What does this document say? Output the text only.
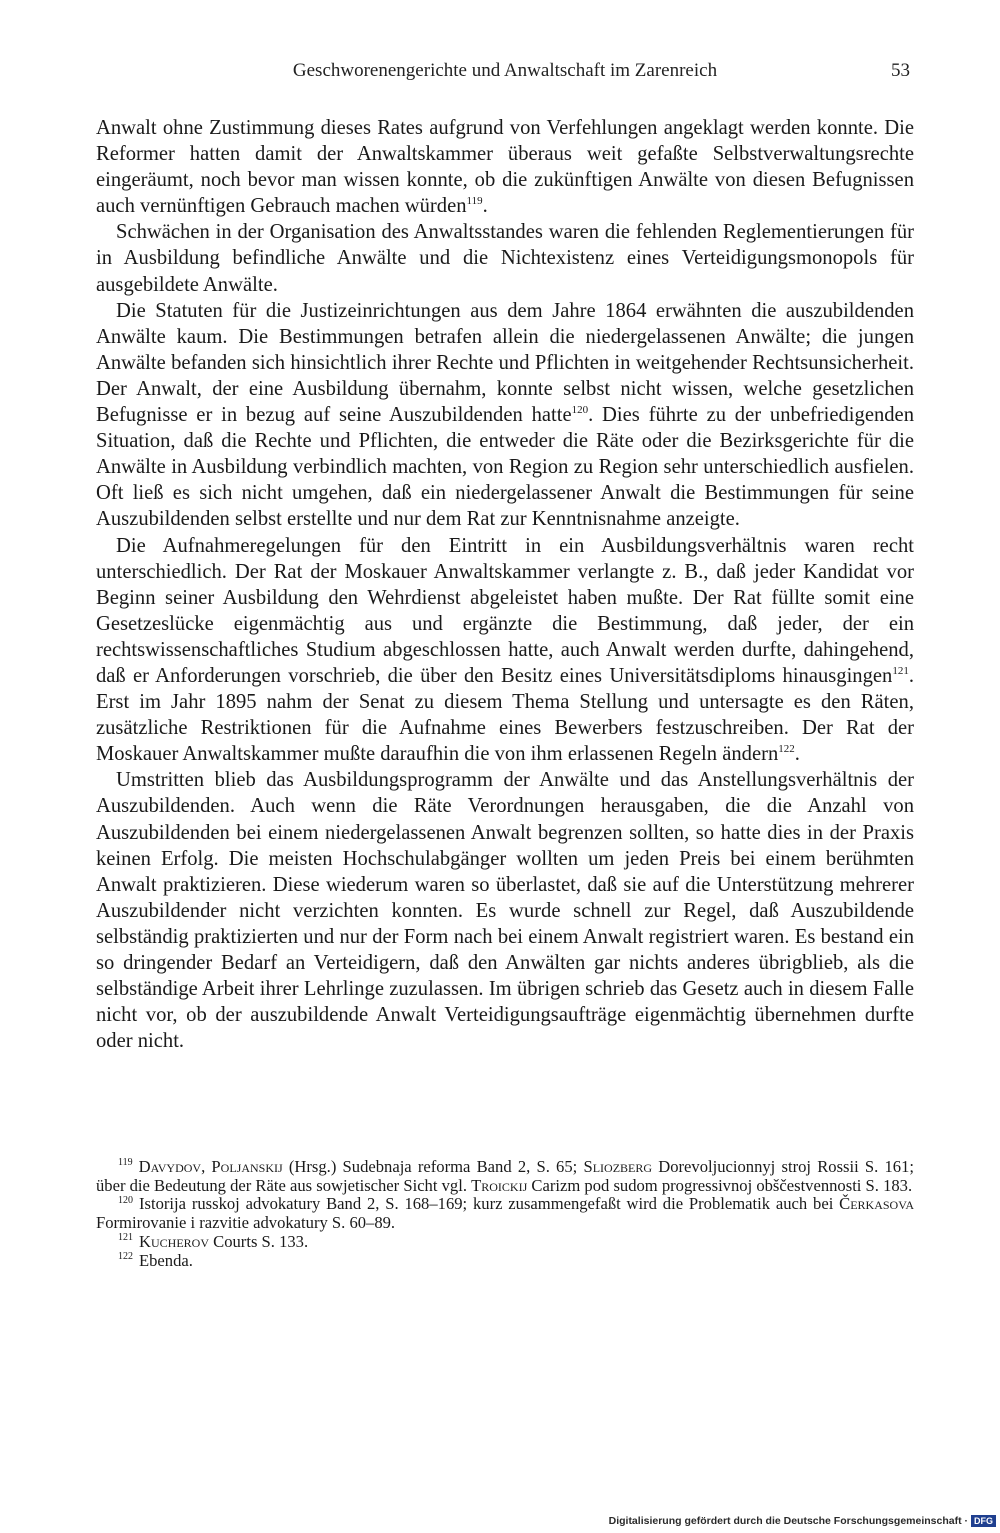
Geschworenengerichte und Anwaltschaft im Zarenreich	53

Anwalt ohne Zustimmung dieses Rates aufgrund von Verfehlungen angeklagt werden konnte. Die Reformer hatten damit der Anwaltskammer überaus weit gefaßte Selbstverwaltungsrechte eingeräumt, noch bevor man wissen konnte, ob die zukünftigen Anwälte von diesen Befugnissen auch vernünftigen Gebrauch machen würden$^{119}$.

Schwächen in der Organisation des Anwaltsstandes waren die fehlenden Reglementierungen für in Ausbildung befindliche Anwälte und die Nichtexistenz eines Verteidigungsmonopols für ausgebildete Anwälte.

Die Statuten für die Justizeinrichtungen aus dem Jahre 1864 erwähnten die auszubildenden Anwälte kaum. Die Bestimmungen betrafen allein die niedergelassenen Anwälte; die jungen Anwälte befanden sich hinsichtlich ihrer Rechte und Pflichten in weitgehender Rechtsunsicherheit. Der Anwalt, der eine Ausbildung übernahm, konnte selbst nicht wissen, welche gesetzlichen Befugnisse er in bezug auf seine Auszubildenden hatte$^{120}$. Dies führte zu der unbefriedigenden Situation, daß die Rechte und Pflichten, die entweder die Räte oder die Bezirksgerichte für die Anwälte in Ausbildung verbindlich machten, von Region zu Region sehr unterschiedlich ausfielen. Oft ließ es sich nicht umgehen, daß ein niedergelassener Anwalt die Bestimmungen für seine Auszubildenden selbst erstellte und nur dem Rat zur Kenntnisnahme anzeigte.

Die Aufnahmeregelungen für den Eintritt in ein Ausbildungsverhältnis waren recht unterschiedlich. Der Rat der Moskauer Anwaltskammer verlangte z. B., daß jeder Kandidat vor Beginn seiner Ausbildung den Wehrdienst abgeleistet haben mußte. Der Rat füllte somit eine Gesetzeslücke eigenmächtig aus und ergänzte die Bestimmung, daß jeder, der ein rechtswissenschaftliches Studium abgeschlossen hatte, auch Anwalt werden durfte, dahingehend, daß er Anforderungen vorschrieb, die über den Besitz eines Universitätsdiploms hinausgingen$^{121}$. Erst im Jahr 1895 nahm der Senat zu diesem Thema Stellung und untersagte es den Räten, zusätzliche Restriktionen für die Aufnahme eines Bewerbers festzuschreiben. Der Rat der Moskauer Anwaltskammer mußte daraufhin die von ihm erlassenen Regeln ändern$^{122}$.

Umstritten blieb das Ausbildungsprogramm der Anwälte und das Anstellungsverhältnis der Auszubildenden. Auch wenn die Räte Verordnungen herausgaben, die die Anzahl von Auszubildenden bei einem niedergelassenen Anwalt begrenzen sollten, so hatte dies in der Praxis keinen Erfolg. Die meisten Hochschulabgänger wollten um jeden Preis bei einem berühmten Anwalt praktizieren. Diese wiederum waren so überlastet, daß sie auf die Unterstützung mehrerer Auszubildender nicht verzichten konnten. Es wurde schnell zur Regel, daß Auszubildende selbständig praktizierten und nur der Form nach bei einem Anwalt registriert waren. Es bestand ein so dringender Bedarf an Verteidigern, daß den Anwälten gar nichts anderes übrigblieb, als die selbständige Arbeit ihrer Lehrlinge zuzulassen. Im übrigen schrieb das Gesetz auch in diesem Falle nicht vor, ob der auszubildende Anwalt Verteidigungsaufträge eigenmächtig übernehmen durfte oder nicht.

$^{119}$ Davydov, Poljanskij (Hrsg.) Sudebnaja reforma Band 2, S. 65; Sliozberg Dorevoljucionnyj stroj Rossii S. 161; über die Bedeutung der Räte aus sowjetischer Sicht vgl. Troickij Carizm pod sudom progressivnoj obščestvennosti S. 183.

$^{120}$ Istorija russkoj advokatury Band 2, S. 168–169; kurz zusammengefaßt wird die Problematik auch bei Čerkasova Formirovanie i razvitie advokatury S. 60–89.

$^{121}$ Kucherov Courts S. 133.

$^{122}$ Ebenda.

Digitalisierung gefördert durch die Deutsche Forschungsgemeinschaft · DFG
